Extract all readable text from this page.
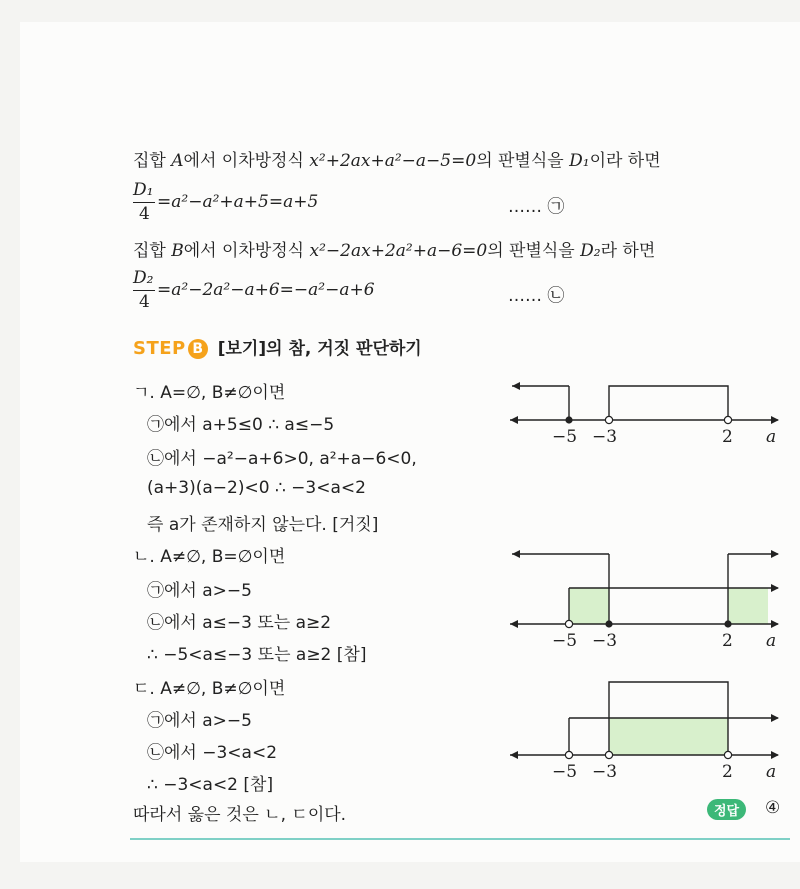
집합 A에서 이차방정식 x²+2ax+a²−a−5=0의 판별식을 D₁이라 하면
D₁
4
=a²−a²+a+5=a+5	…… ㉠
집합 B에서 이차방정식 x²−2ax+2a²+a−6=0의 판별식을 D₂라 하면
D₂
4
=a²−2a²−a+6=−a²−a+6	…… ㉡
STEP B [보기]의 참, 거짓 판단하기
ㄱ. A=∅, B≠∅이면
㉠에서 a+5≤0 ∴ a≤−5
㉡에서 −a²−a+6>0, a²+a−6<0,
(a+3)(a−2)<0 ∴ −3<a<2
즉 a가 존재하지 않는다. [거짓]
ㄴ. A≠∅, B=∅이면
㉠에서 a>−5
㉡에서 a≤−3 또는 a≥2
∴ −5<a≤−3 또는 a≥2 [참]
ㄷ. A≠∅, B≠∅이면
㉠에서 a>−5
㉡에서 −3<a<2
∴ −3<a<2 [참]
따라서 옳은 것은 ㄴ, ㄷ이다.	정답	④
−5 −3	2 a
−5 −3	2 a
−5 −3	2 a
